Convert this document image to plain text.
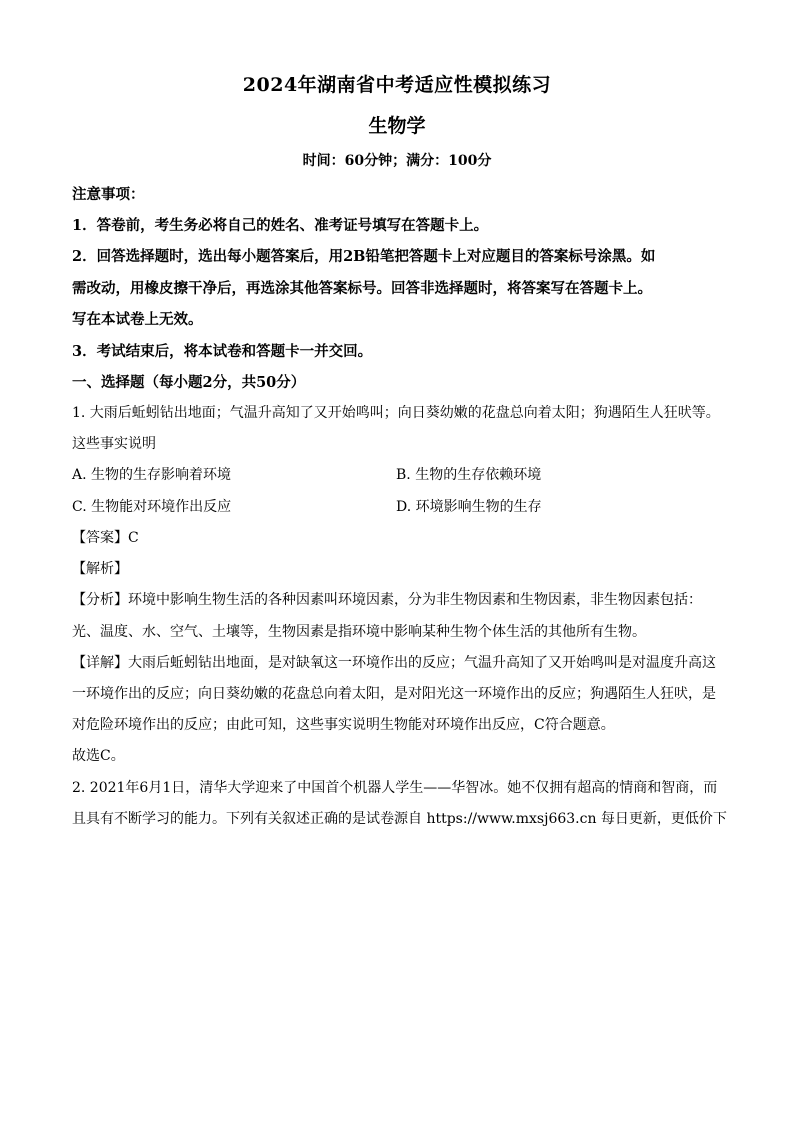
2024年湖南省中考适应性模拟练习
生物学
时间：60分钟；满分：100分
注意事项：
1．答卷前，考生务必将自己的姓名、准考证号填写在答题卡上。
2．回答选择题时，选出每小题答案后，用2B铅笔把答题卡上对应题目的答案标号涂黑。如
需改动，用橡皮擦干净后，再选涂其他答案标号。回答非选择题时，将答案写在答题卡上。
写在本试卷上无效。
3．考试结束后，将本试卷和答题卡一并交回。
一、选择题（每小题2分，共50分）
1. 大雨后蚯蚓钻出地面；气温升高知了又开始鸣叫；向日葵幼嫩的花盘总向着太阳；狗遇陌生人狂吠等。
这些事实说明
A. 生物的生存影响着环境	B. 生物的生存依赖环境
C. 生物能对环境作出反应	D. 环境影响生物的生存
【答案】C
【解析】
【分析】环境中影响生物生活的各种因素叫环境因素，分为非生物因素和生物因素，非生物因素包括：
光、温度、水、空气、土壤等，生物因素是指环境中影响某种生物个体生活的其他所有生物。
【详解】大雨后蚯蚓钻出地面，是对缺氧这一环境作出的反应；气温升高知了又开始鸣叫是对温度升高这
一环境作出的反应；向日葵幼嫩的花盘总向着太阳，是对阳光这一环境作出的反应；狗遇陌生人狂吠，是
对危险环境作出的反应；由此可知，这些事实说明生物能对环境作出反应，C符合题意。
故选C。
2. 2021年6月1日，清华大学迎来了中国首个机器人学生——华智冰。她不仅拥有超高的情商和智商，而
且具有不断学习的能力。下列有关叙述正确的是试卷源自 https://www.mxsj663.cn 每日更新，更低价下
